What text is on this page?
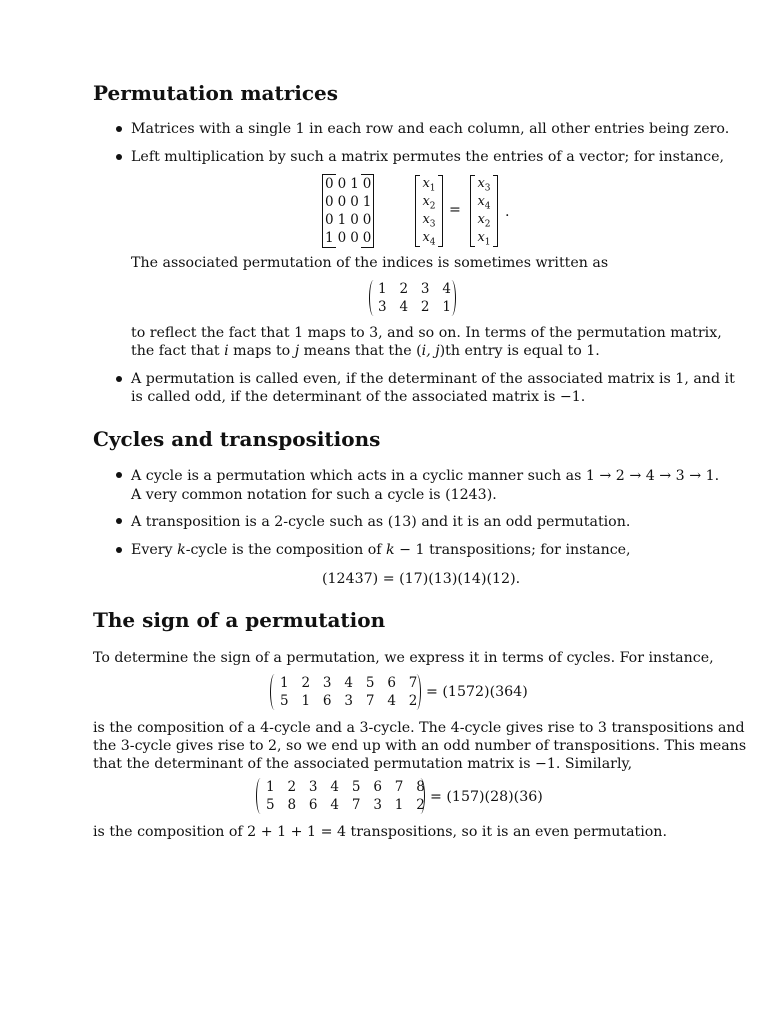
Permutation matrices
Matrices with a single 1 in each row and each column, all other entries being zero.
Left multiplication by such a matrix permutes the entries of a vector; for instance,
0	0	1	0
0	0	0	1
0	1	0	0
1	0	0	0
$x_1$
$x_2$
$x_3$
$x_4$
=
$x_3$
$x_4$
$x_2$
$x_1$
.
The associated permutation of the indices is sometimes written as
1   2   3   4
3   4   2   1
to reflect the fact that 1 maps to 3, and so on. In terms of the permutation matrix,
the fact that i maps to j means that the (i, j)th entry is equal to 1.
A permutation is called even, if the determinant of the associated matrix is 1, and it
is called odd, if the determinant of the associated matrix is −1.
Cycles and transpositions
A cycle is a permutation which acts in a cyclic manner such as 1 → 2 → 4 → 3 → 1.
A very common notation for such a cycle is (1243).
A transposition is a 2-cycle such as (13) and it is an odd permutation.
Every k-cycle is the composition of k − 1 transpositions; for instance,
(12437) = (17)(13)(14)(12).
The sign of a permutation
To determine the sign of a permutation, we express it in terms of cycles. For instance,
1   2   3   4   5   6   7
5   1   6   3   7   4   2
= (1572)(364)
is the composition of a 4-cycle and a 3-cycle. The 4-cycle gives rise to 3 transpositions and
the 3-cycle gives rise to 2, so we end up with an odd number of transpositions. This means
that the determinant of the associated permutation matrix is −1. Similarly,
1   2   3   4   5   6   7   8
5   8   6   4   7   3   1   2 = (157)(28)(36)
is the composition of 2 + 1 + 1 = 4 transpositions, so it is an even permutation.
